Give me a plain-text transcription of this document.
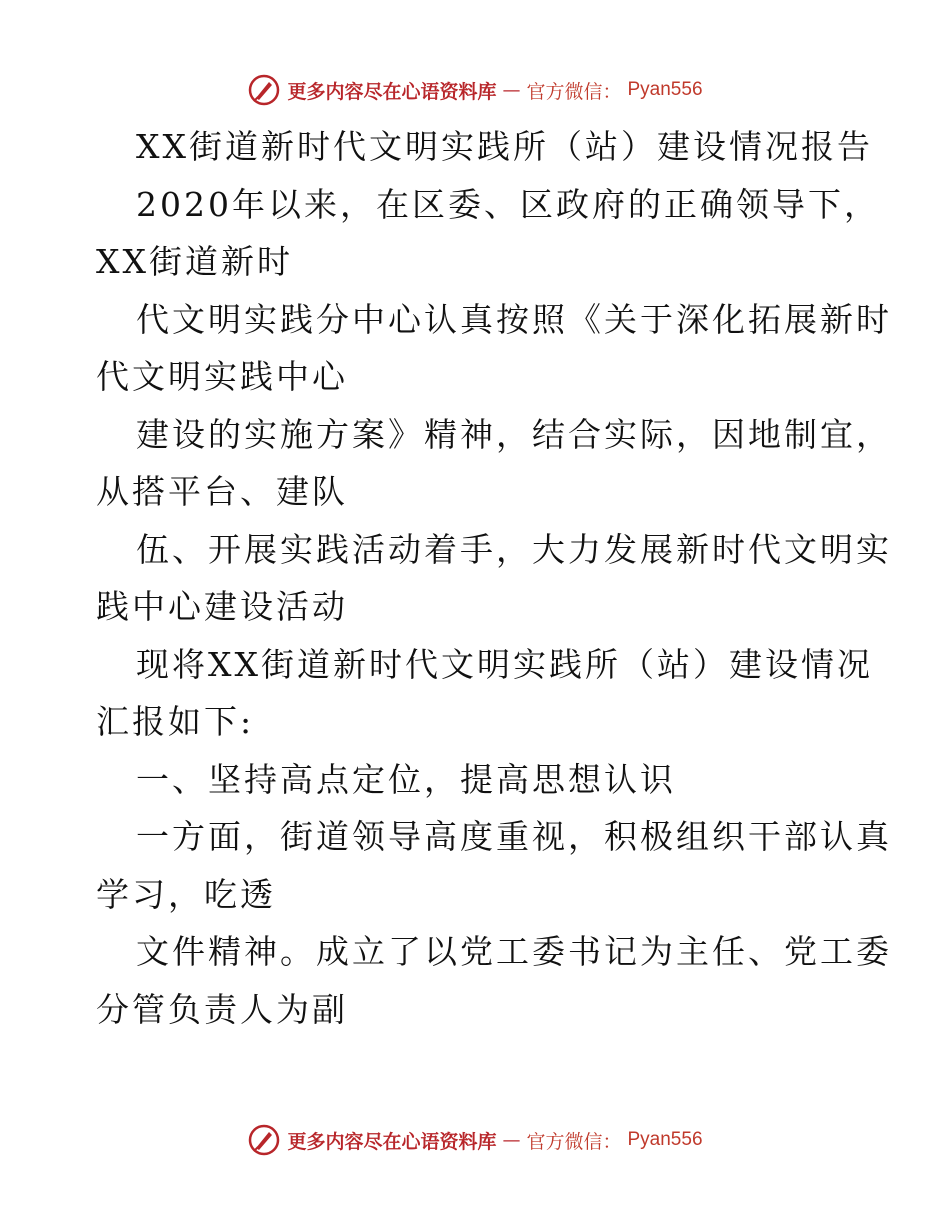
更多内容尽在心语资料库 — 官方微信： Pyan556
XX街道新时代文明实践所（站）建设情况报告
2020年以来，在区委、区政府的正确领导下，
XX街道新时
代文明实践分中心认真按照《关于深化拓展新时
代文明实践中心
建设的实施方案》精神，结合实际，因地制宜，
从搭平台、建队
伍、开展实践活动着手，大力发展新时代文明实
践中心建设活动
现将XX街道新时代文明实践所（站）建设情况
汇报如下:
一、坚持高点定位，提高思想认识
一方面，街道领导高度重视，积极组织干部认真
学习，吃透
文件精神。成立了以党工委书记为主任、党工委
分管负责人为副
更多内容尽在心语资料库 — 官方微信： Pyan556
